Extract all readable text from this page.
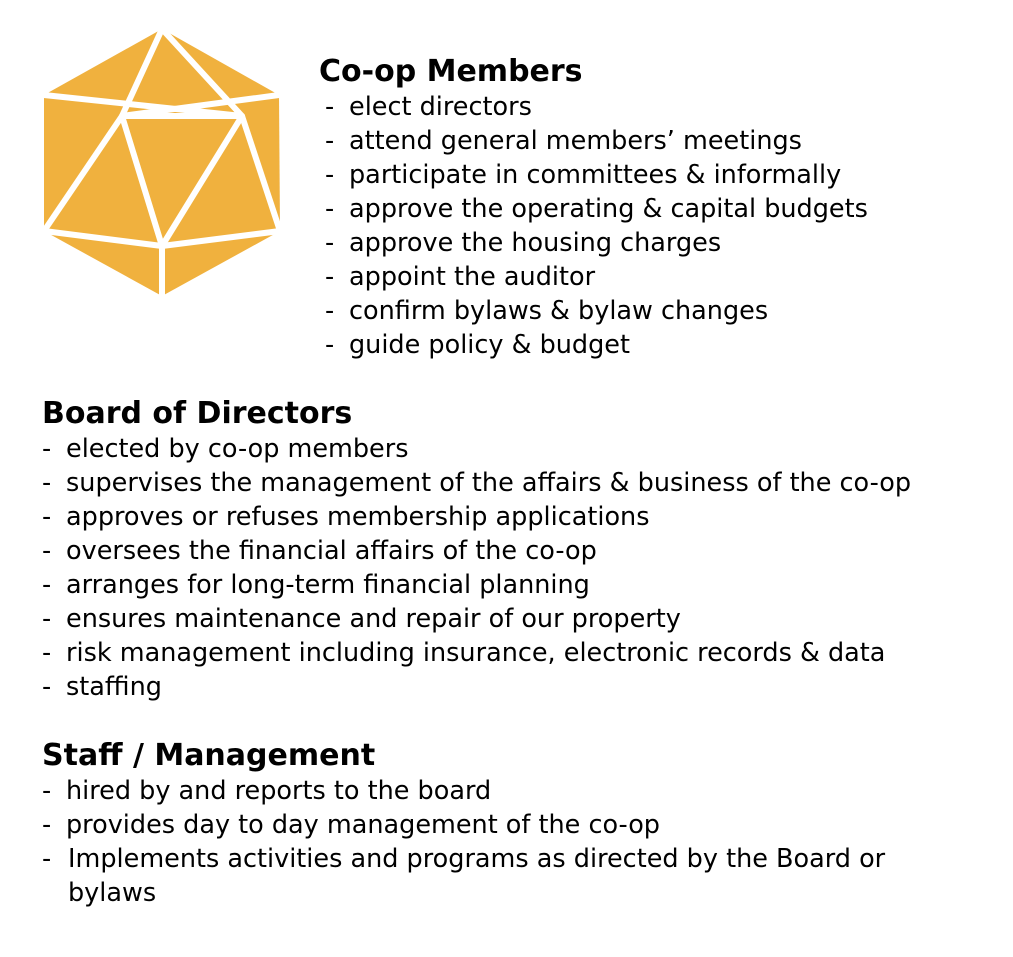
Co-op Members
- elect directors
- attend general members’ meetings
- participate in committees & informally
- approve the operating & capital budgets
- approve the housing charges
- appoint the auditor
- confirm bylaws & bylaw changes
- guide policy & budget
Board of Directors
- elected by co-op members
- supervises the management of the affairs & business of the co-op
- approves or refuses membership applications
- oversees the financial affairs of the co-op
- arranges for long-term financial planning
- ensures maintenance and repair of our property
- risk management including insurance, electronic records & data
- staffing
Staff / Management
- hired by and reports to the board
- provides day to day management of the co-op
- Implements activities and programs as directed by the Board or bylaws
